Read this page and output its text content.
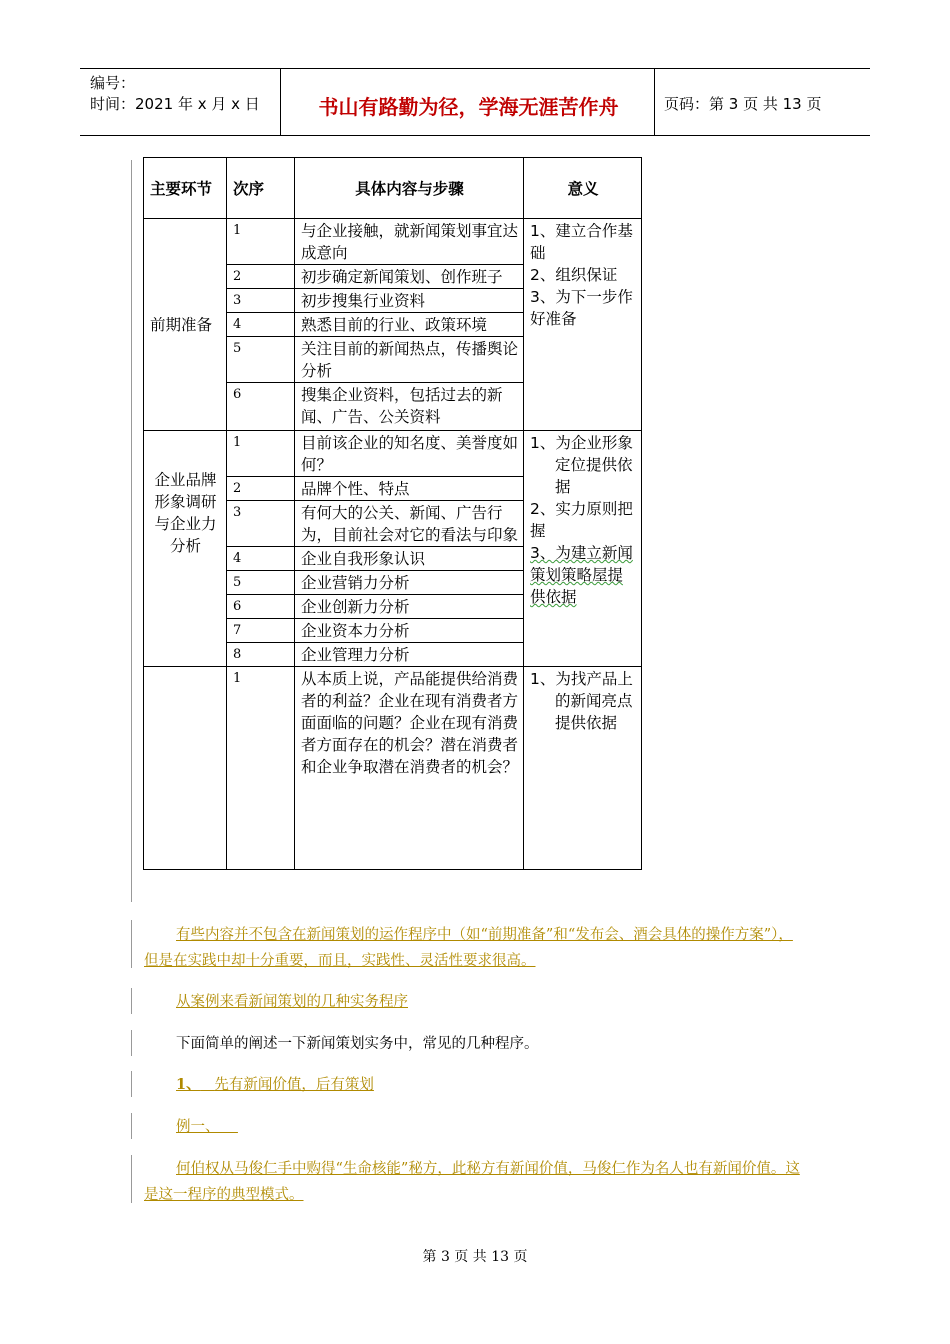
编号：
时间：2021 年 x 月 x 日	书山有路勤为径，学海无涯苦作舟	页码：第 3 页 共 13 页
主要环节	次序	具体内容与步骤	意义
前期准备	1	与企业接触，就新闻策划事宜达成意向	1、建立合作基础
2、组织保证
3、为下一步作好准备

	2	初步确定新闻策划、创作班子	
	3	初步搜集行业资料	
	4	熟悉目前的行业、政策环境	
	5	关注目前的新闻热点，传播舆论分析	
	6	搜集企业资料，包括过去的新闻、广告、公关资料	
企业品牌形象调研与企业力分析	1	目前该企业的知名度、美誉度如何？	1、为企业形象定位提供依据
2、实力原则把握
3、为建立新闻策划策略屋提供依据

	2	品牌个性、特点	
	3	有何大的公关、新闻、广告行为，目前社会对它的看法与印象	
	4	企业自我形象认识	
	5	企业营销力分析	
	6	企业创新力分析	
	7	企业资本力分析	
	8	企业管理力分析	
	1	从本质上说，产品能提供给消费者的利益？企业在现有消费者方面面临的问题？企业在现有消费者方面存在的机会？潜在消费者和企业争取潜在消费者的机会？	1、为找产品上的新闻亮点提供依据
有些内容并不包含在新闻策划的运作程序中（如“前期准备”和“发布会、酒会具体的操作方案”），但是在实践中却十分重要，而且，实践性、灵活性要求很高。
从案例来看新闻策划的几种实务程序
下面简单的阐述一下新闻策划实务中，常见的几种程序。
1、 先有新闻价值，后有策划
例一、
何伯权从马俊仁手中购得“生命核能”秘方，此秘方有新闻价值，马俊仁作为名人也有新闻价值。这是这一程序的典型模式。
第 3 页 共 13 页
